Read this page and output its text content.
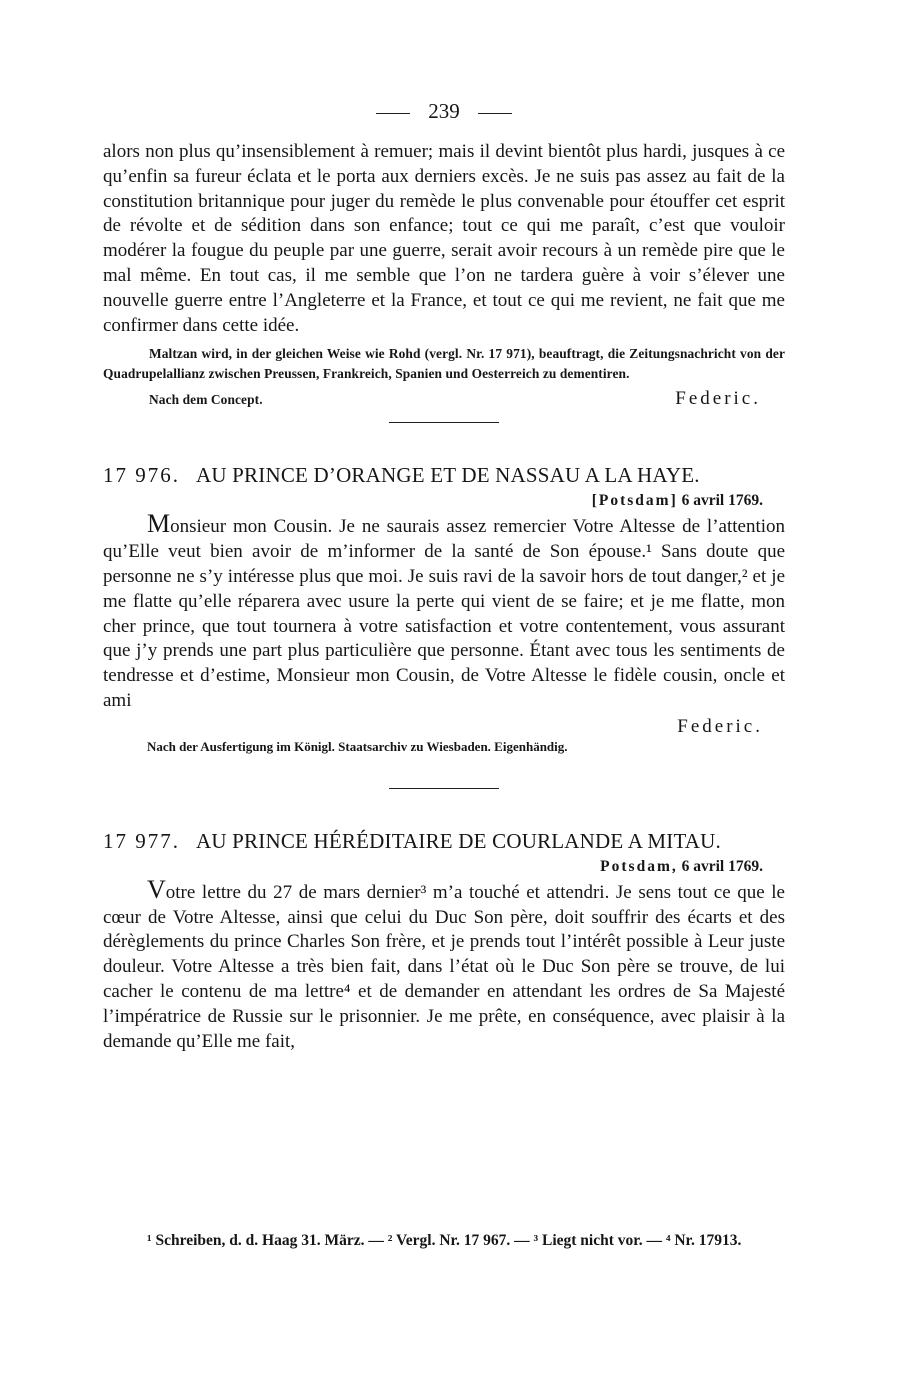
239

alors non plus qu’insensiblement à remuer; mais il devint bientôt plus hardi, jusques à ce qu’enfin sa fureur éclata et le porta aux derniers excès. Je ne suis pas assez au fait de la constitution britannique pour juger du remède le plus convenable pour étouffer cet esprit de révolte et de sédition dans son enfance; tout ce qui me paraît, c’est que vouloir modérer la fougue du peuple par une guerre, serait avoir recours à un remède pire que le mal même. En tout cas, il me semble que l’on ne tardera guère à voir s’élever une nouvelle guerre entre l’Angleterre et la France, et tout ce qui me revient, ne fait que me confirmer dans cette idée.

Maltzan wird, in der gleichen Weise wie Rohd (vergl. Nr. 17 971), beauftragt, die Zeitungsnachricht von der Quadrupelallianz zwischen Preussen, Frankreich, Spanien und Oesterreich zu dementiren.

Nach dem Concept.	Federic.
17 976. AU PRINCE D’ORANGE ET DE NASSAU A LA HAYE.
[Potsdam] 6 avril 1769.

Monsieur mon Cousin. Je ne saurais assez remercier Votre Altesse de l’attention qu’Elle veut bien avoir de m’informer de la santé de Son épouse.¹ Sans doute que personne ne s’y intéresse plus que moi. Je suis ravi de la savoir hors de tout danger,² et je me flatte qu’elle réparera avec usure la perte qui vient de se faire; et je me flatte, mon cher prince, que tout tournera à votre satisfaction et votre contentement, vous assurant que j’y prends une part plus particulière que personne. Étant avec tous les sentiments de tendresse et d’estime, Monsieur mon Cousin, de Votre Altesse le fidèle cousin, oncle et ami

Federic.

Nach der Ausfertigung im Königl. Staatsarchiv zu Wiesbaden. Eigenhändig.

17 977. AU PRINCE HÉRÉDITAIRE DE COURLANDE A MITAU.
Potsdam, 6 avril 1769.

Votre lettre du 27 de mars dernier³ m’a touché et attendri. Je sens tout ce que le cœur de Votre Altesse, ainsi que celui du Duc Son père, doit souffrir des écarts et des dérèglements du prince Charles Son frère, et je prends tout l’intérêt possible à Leur juste douleur. Votre Altesse a très bien fait, dans l’état où le Duc Son père se trouve, de lui cacher le contenu de ma lettre⁴ et de demander en attendant les ordres de Sa Majesté l’impératrice de Russie sur le prisonnier. Je me prête, en conséquence, avec plaisir à la demande qu’Elle me fait,

¹ Schreiben, d. d. Haag 31. März. — ² Vergl. Nr. 17 967. — ³ Liegt nicht vor. — ⁴ Nr. 17913.
